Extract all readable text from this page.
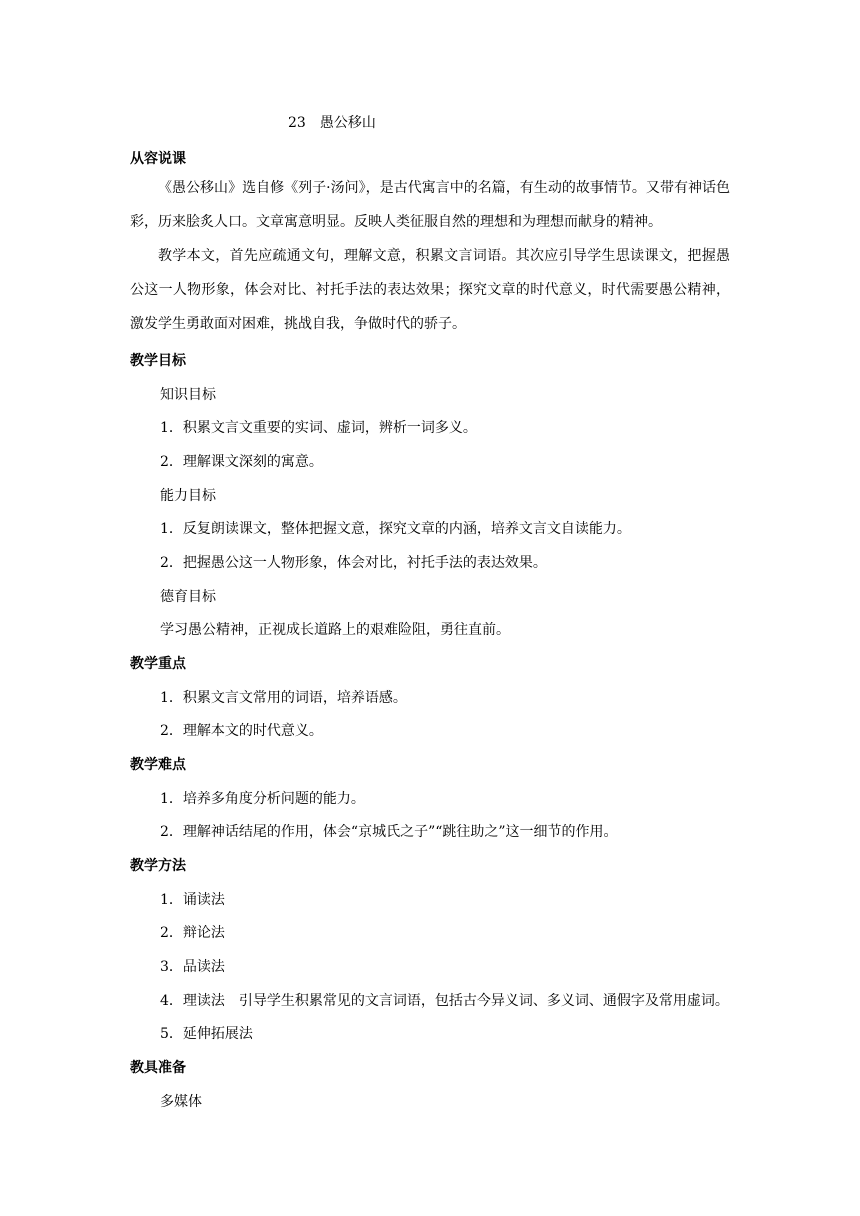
23　愚公移山
从容说课
《愚公移山》选自修《列子·汤问》，是古代寓言中的名篇，有生动的故事情节。又带有神话色彩，历来脍炙人口。文章寓意明显。反映人类征服自然的理想和为理想而献身的精神。
教学本文，首先应疏通文句，理解文意，积累文言词语。其次应引导学生思读课文，把握愚公这一人物形象，体会对比、衬托手法的表达效果；探究文章的时代意义，时代需要愚公精神，激发学生勇敢面对困难，挑战自我，争做时代的骄子。
教学目标
知识目标
1．积累文言文重要的实词、虚词，辨析一词多义。
2．理解课文深刻的寓意。
能力目标
1．反复朗读课文，整体把握文意，探究文章的内涵，培养文言文自读能力。
2．把握愚公这一人物形象，体会对比，衬托手法的表达效果。
德育目标
学习愚公精神，正视成长道路上的艰难险阻，勇往直前。
教学重点
1．积累文言文常用的词语，培养语感。
2．理解本文的时代意义。
教学难点
1．培养多角度分析问题的能力。
2．理解神话结尾的作用，体会“京城氏之子”“跳往助之”这一细节的作用。
教学方法
1．诵读法
2．辩论法
3．品读法
4．理读法　引导学生积累常见的文言词语，包括古今异义词、多义词、通假字及常用虚词。
5．延伸拓展法
教具准备
多媒体
